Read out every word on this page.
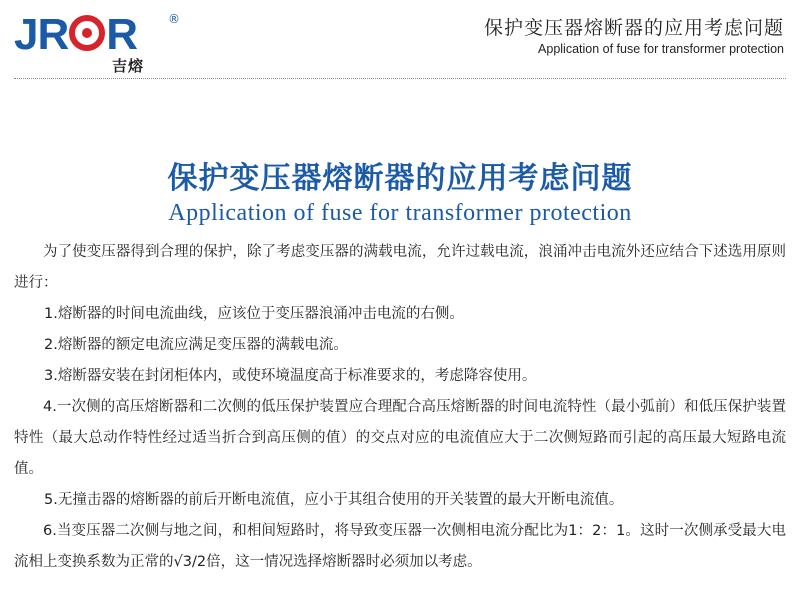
JR R	®
吉熔
保护变压器熔断器的应用考虑问题
Application of fuse for transformer protection
保护变压器熔断器的应用考虑问题
Application of fuse for transformer protection

为了使变压器得到合理的保护，除了考虑变压器的满载电流，允许过载电流，浪涌冲击电流外还应结合下述选用原则进行：

1.熔断器的时间电流曲线，应该位于变压器浪涌冲击电流的右侧。

2.熔断器的额定电流应满足变压器的满载电流。

3.熔断器安装在封闭柜体内，或使环境温度高于标准要求的，考虑降容使用。

4.一次侧的高压熔断器和二次侧的低压保护装置应合理配合高压熔断器的时间电流特性（最小弧前）和低压保护装置特性（最大总动作特性经过适当折合到高压侧的值）的交点对应的电流值应大于二次侧短路而引起的高压最大短路电流值。

5.无撞击器的熔断器的前后开断电流值，应小于其组合使用的开关装置的最大开断电流值。

6.当变压器二次侧与地之间，和相间短路时，将导致变压器一次侧相电流分配比为1：2：1。这时一次侧承受最大电流相上变换系数为正常的√3/2倍，这一情况选择熔断器时必须加以考虑。
